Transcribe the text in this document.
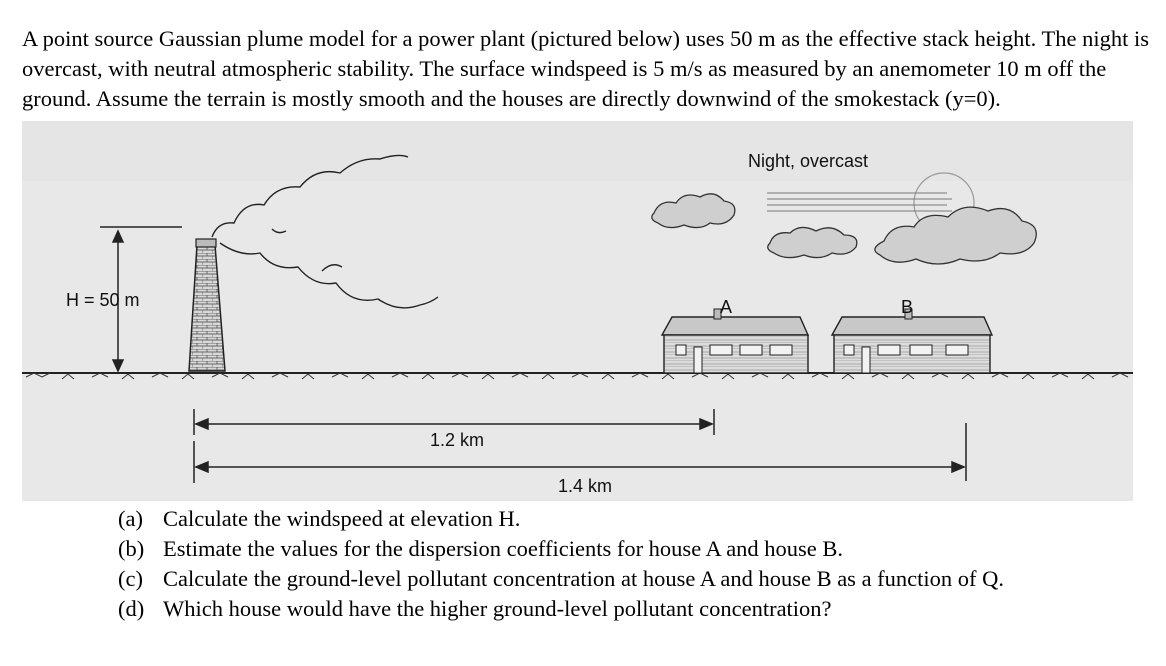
A point source Gaussian plume model for a power plant (pictured below) uses 50 m as the effective stack height. The night is overcast, with neutral atmospheric stability. The surface windspeed is 5 m/s as measured by an anemometer 10 m off the ground. Assume the terrain is mostly smooth and the houses are directly downwind of the smokestack (y=0).

Night, overcast
H = 50 m	A	B
1.2 km
1.4 km
(a) Calculate the windspeed at elevation H.
(b) Estimate the values for the dispersion coefficients for house A and house B.
(c) Calculate the ground-level pollutant concentration at house A and house B as a function of Q.
(d) Which house would have the higher ground-level pollutant concentration?
